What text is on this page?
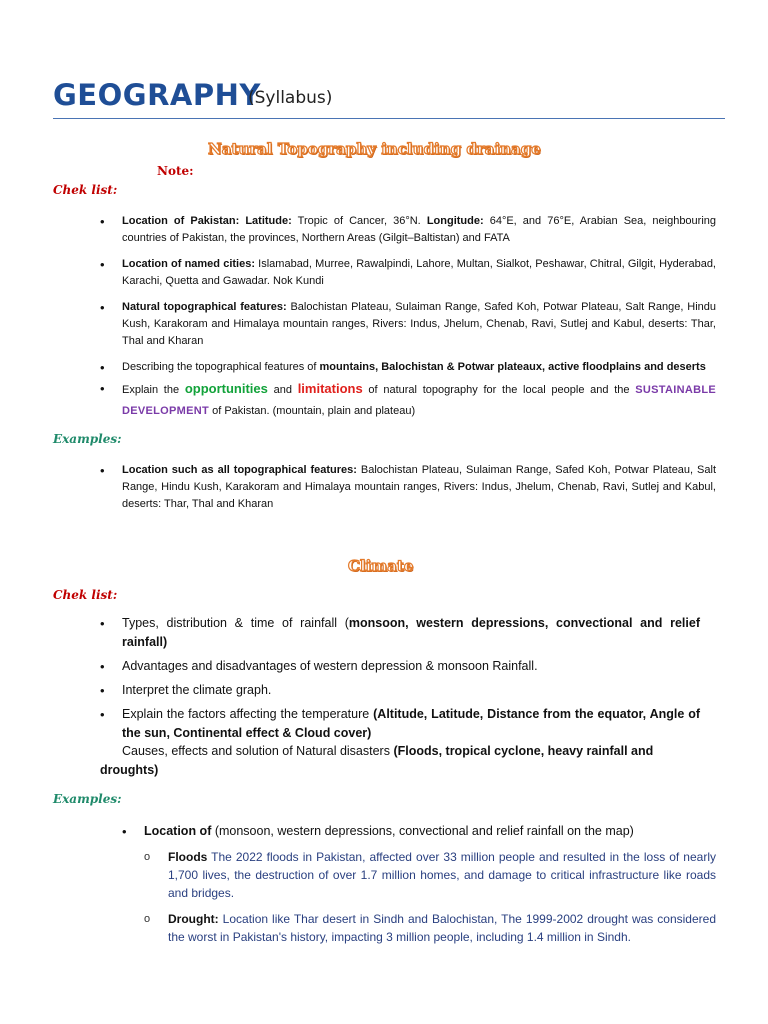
GEOGRAPHY
(Syllabus)
Natural Topography including drainage
Note:
Chek list:
• Location of Pakistan: Latitude: Tropic of Cancer, 36°N. Longitude: 64°E, and 76°E, Arabian Sea, neighbouring countries of Pakistan, the provinces, Northern Areas (Gilgit–Baltistan) and FATA
• Location of named cities: Islamabad, Murree, Rawalpindi, Lahore, Multan, Sialkot, Peshawar, Chitral, Gilgit, Hyderabad, Karachi, Quetta and Gawadar. Nok Kundi
• Natural topographical features: Balochistan Plateau, Sulaiman Range, Safed Koh, Potwar Plateau, Salt Range, Hindu Kush, Karakoram and Himalaya mountain ranges, Rivers: Indus, Jhelum, Chenab, Ravi, Sutlej and Kabul, deserts: Thar, Thal and Kharan
• Describing the topographical features of mountains, Balochistan & Potwar plateaux, active floodplains and deserts
• Explain the opportunities and limitations of natural topography for the local people and the SUSTAINABLE DEVELOPMENT of Pakistan. (mountain, plain and plateau)
Examples:
• Location such as all topographical features: Balochistan Plateau, Sulaiman Range, Safed Koh, Potwar Plateau, Salt Range, Hindu Kush, Karakoram and Himalaya mountain ranges, Rivers: Indus, Jhelum, Chenab, Ravi, Sutlej and Kabul, deserts: Thar, Thal and Kharan
Climate
Chek list:
• Types, distribution & time of rainfall (monsoon, western depressions, convectional and relief rainfall)
• Advantages and disadvantages of western depression & monsoon Rainfall.
• Interpret the climate graph.
• Explain the factors affecting the temperature (Altitude, Latitude, Distance from the equator, Angle of the sun, Continental effect & Cloud cover)
Causes, effects and solution of Natural disasters (Floods, tropical cyclone, heavy rainfall and droughts)
Examples:
• Location of (monsoon, western depressions, convectional and relief rainfall on the map)
o Floods The 2022 floods in Pakistan, affected over 33 million people and resulted in the loss of nearly 1,700 lives, the destruction of over 1.7 million homes, and damage to critical infrastructure like roads and bridges.
o Drought: Location like Thar desert in Sindh and Balochistan, The 1999-2002 drought was considered the worst in Pakistan's history, impacting 3 million people, including 1.4 million in Sindh.
